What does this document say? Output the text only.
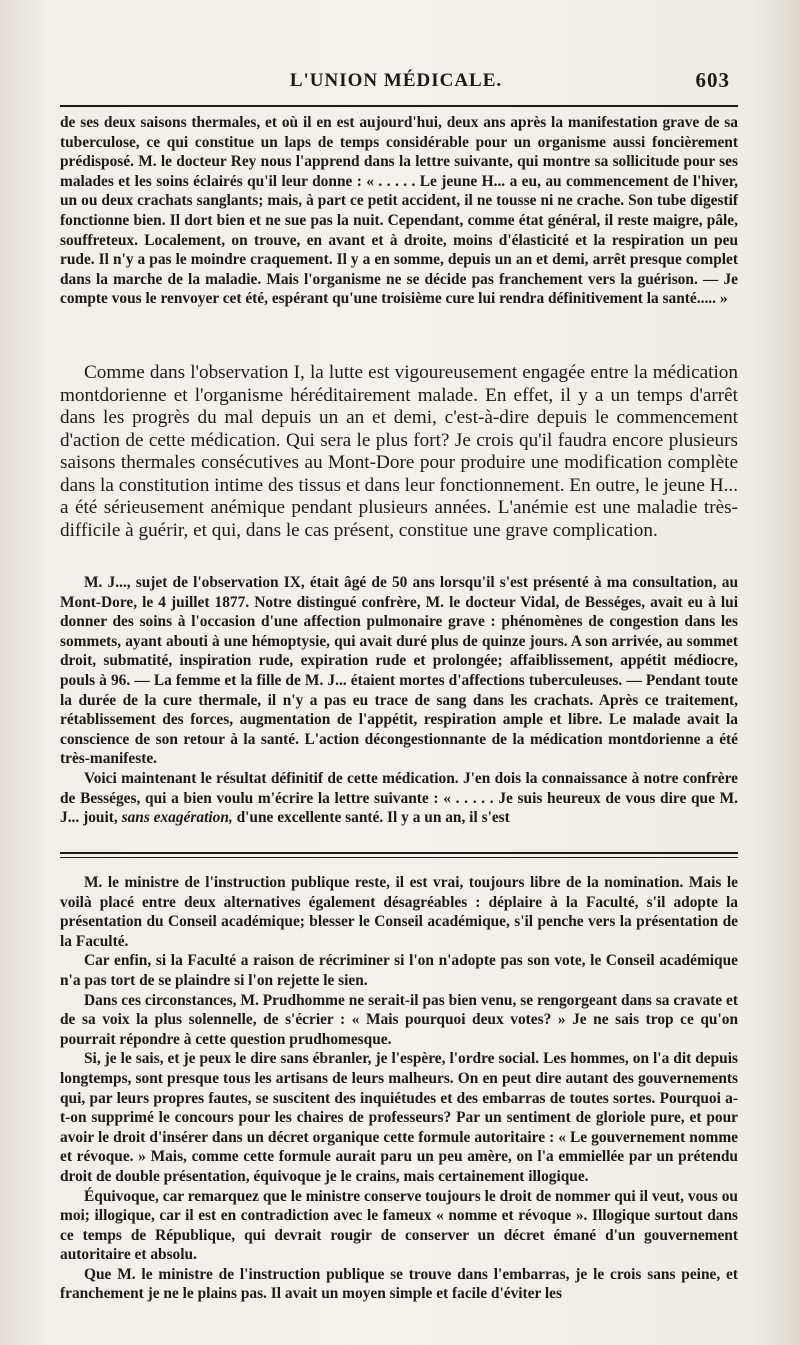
L'UNION MÉDICALE.	603

de ses deux saisons thermales, et où il en est aujourd'hui, deux ans après la manifestation grave de sa tuberculose, ce qui constitue un laps de temps considérable pour un organisme aussi foncièrement prédisposé. M. le docteur Rey nous l'apprend dans la lettre suivante, qui montre sa sollicitude pour ses malades et les soins éclairés qu'il leur donne : « . . . . . Le jeune H... a eu, au commencement de l'hiver, un ou deux crachats sanglants; mais, à part ce petit accident, il ne tousse ni ne crache. Son tube digestif fonctionne bien. Il dort bien et ne sue pas la nuit. Cependant, comme état général, il reste maigre, pâle, souffreteux. Localement, on trouve, en avant et à droite, moins d'élasticité et la respiration un peu rude. Il n'y a pas le moindre craquement. Il y a en somme, depuis un an et demi, arrêt presque complet dans la marche de la maladie. Mais l'organisme ne se décide pas franchement vers la guérison. — Je compte vous le renvoyer cet été, espérant qu'une troisième cure lui rendra définitivement la santé..... »

Comme dans l'observation I, la lutte est vigoureusement engagée entre la médication montdorienne et l'organisme héréditairement malade. En effet, il y a un temps d'arrêt dans les progrès du mal depuis un an et demi, c'est-à-dire depuis le commencement d'action de cette médication. Qui sera le plus fort? Je crois qu'il faudra encore plusieurs saisons thermales consécutives au Mont-Dore pour produire une modification complète dans la constitution intime des tissus et dans leur fonctionnement. En outre, le jeune H... a été sérieusement anémique pendant plusieurs années. L'anémie est une maladie très-difficile à guérir, et qui, dans le cas présent, constitue une grave complication.

M. J..., sujet de l'observation IX, était âgé de 50 ans lorsqu'il s'est présenté à ma consultation, au Mont-Dore, le 4 juillet 1877. Notre distingué confrère, M. le docteur Vidal, de Bességes, avait eu à lui donner des soins à l'occasion d'une affection pulmonaire grave : phénomènes de congestion dans les sommets, ayant abouti à une hémoptysie, qui avait duré plus de quinze jours. A son arrivée, au sommet droit, submatité, inspiration rude, expiration rude et prolongée; affaiblissement, appétit médiocre, pouls à 96. — La femme et la fille de M. J... étaient mortes d'affections tuberculeuses. — Pendant toute la durée de la cure thermale, il n'y a pas eu trace de sang dans les crachats. Après ce traitement, rétablissement des forces, augmentation de l'appétit, respiration ample et libre. Le malade avait la conscience de son retour à la santé. L'action décongestionnante de la médication montdorienne a été très-manifeste.

Voici maintenant le résultat définitif de cette médication. J'en dois la connaissance à notre confrère de Bességes, qui a bien voulu m'écrire la lettre suivante : « . . . . . Je suis heureux de vous dire que M. J... jouit, sans exagération, d'une excellente santé. Il y a un an, il s'est

M. le ministre de l'instruction publique reste, il est vrai, toujours libre de la nomination. Mais le voilà placé entre deux alternatives également désagréables : déplaire à la Faculté, s'il adopte la présentation du Conseil académique; blesser le Conseil académique, s'il penche vers la présentation de la Faculté.

Car enfin, si la Faculté a raison de récriminer si l'on n'adopte pas son vote, le Conseil académique n'a pas tort de se plaindre si l'on rejette le sien.

Dans ces circonstances, M. Prudhomme ne serait-il pas bien venu, se rengorgeant dans sa cravate et de sa voix la plus solennelle, de s'écrier : « Mais pourquoi deux votes? » Je ne sais trop ce qu'on pourrait répondre à cette question prudhomesque.

Si, je le sais, et je peux le dire sans ébranler, je l'espère, l'ordre social. Les hommes, on l'a dit depuis longtemps, sont presque tous les artisans de leurs malheurs. On en peut dire autant des gouvernements qui, par leurs propres fautes, se suscitent des inquiétudes et des embarras de toutes sortes. Pourquoi a-t-on supprimé le concours pour les chaires de professeurs? Par un sentiment de gloriole pure, et pour avoir le droit d'insérer dans un décret organique cette formule autoritaire : « Le gouvernement nomme et révoque. » Mais, comme cette formule aurait paru un peu amère, on l'a emmiellée par un prétendu droit de double présentation, équivoque je le crains, mais certainement illogique.

Équivoque, car remarquez que le ministre conserve toujours le droit de nommer qui il veut, vous ou moi; illogique, car il est en contradiction avec le fameux « nomme et révoque ». Illogique surtout dans ce temps de République, qui devrait rougir de conserver un décret émané d'un gouvernement autoritaire et absolu.

Que M. le ministre de l'instruction publique se trouve dans l'embarras, je le crois sans peine, et franchement je ne le plains pas. Il avait un moyen simple et facile d'éviter les
